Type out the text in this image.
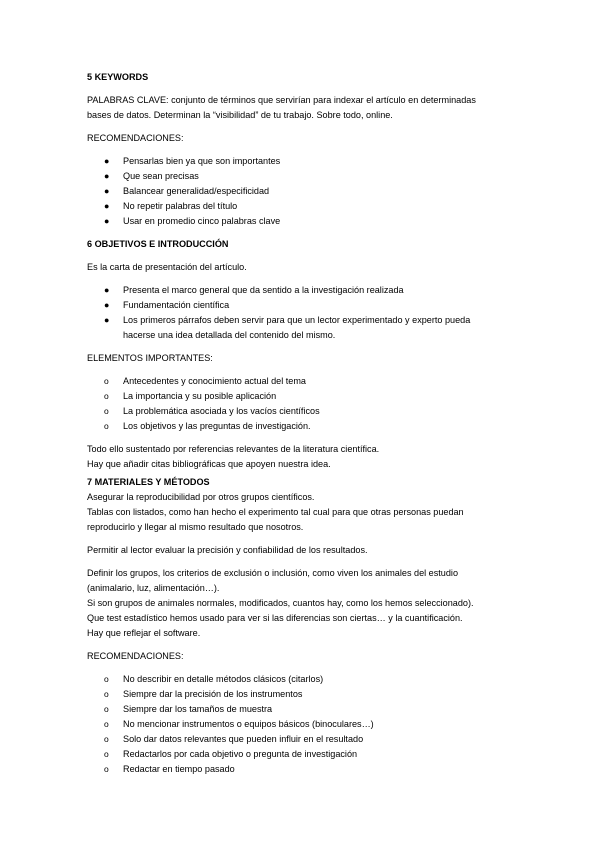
5 KEYWORDS
PALABRAS CLAVE: conjunto de términos que servirían para indexar el artículo en determinadas
bases de datos. Determinan la “visibilidad” de tu trabajo. Sobre todo, online.
RECOMENDACIONES:
● Pensarlas bien ya que son importantes
● Que sean precisas
● Balancear generalidad/especificidad
● No repetir palabras del título
● Usar en promedio cinco palabras clave
6 OBJETIVOS E INTRODUCCIÓN
Es la carta de presentación del artículo.
● Presenta el marco general que da sentido a la investigación realizada
● Fundamentación científica
● Los primeros párrafos deben servir para que un lector experimentado y experto pueda
hacerse una idea detallada del contenido del mismo.
ELEMENTOS IMPORTANTES:
o Antecedentes y conocimiento actual del tema
o La importancia y su posible aplicación
o La problemática asociada y los vacíos científicos
o Los objetivos y las preguntas de investigación.
Todo ello sustentado por referencias relevantes de la literatura científica.
Hay que añadir citas bibliográficas que apoyen nuestra idea.
7 MATERIALES Y MÉTODOS
Asegurar la reproducibilidad por otros grupos científicos.
Tablas con listados, como han hecho el experimento tal cual para que otras personas puedan
reproducirlo y llegar al mismo resultado que nosotros.
Permitir al lector evaluar la precisión y confiabilidad de los resultados.
Definir los grupos, los criterios de exclusión o inclusión, como viven los animales del estudio
(animalario, luz, alimentación…).
Si son grupos de animales normales, modificados, cuantos hay, como los hemos seleccionado).
Que test estadístico hemos usado para ver si las diferencias son ciertas… y la cuantificación.
Hay que reflejar el software.
RECOMENDACIONES:
o No describir en detalle métodos clásicos (citarlos)
o Siempre dar la precisión de los instrumentos
o Siempre dar los tamaños de muestra
o No mencionar instrumentos o equipos básicos (binoculares…)
o Solo dar datos relevantes que pueden influir en el resultado
o Redactarlos por cada objetivo o pregunta de investigación
o Redactar en tiempo pasado
